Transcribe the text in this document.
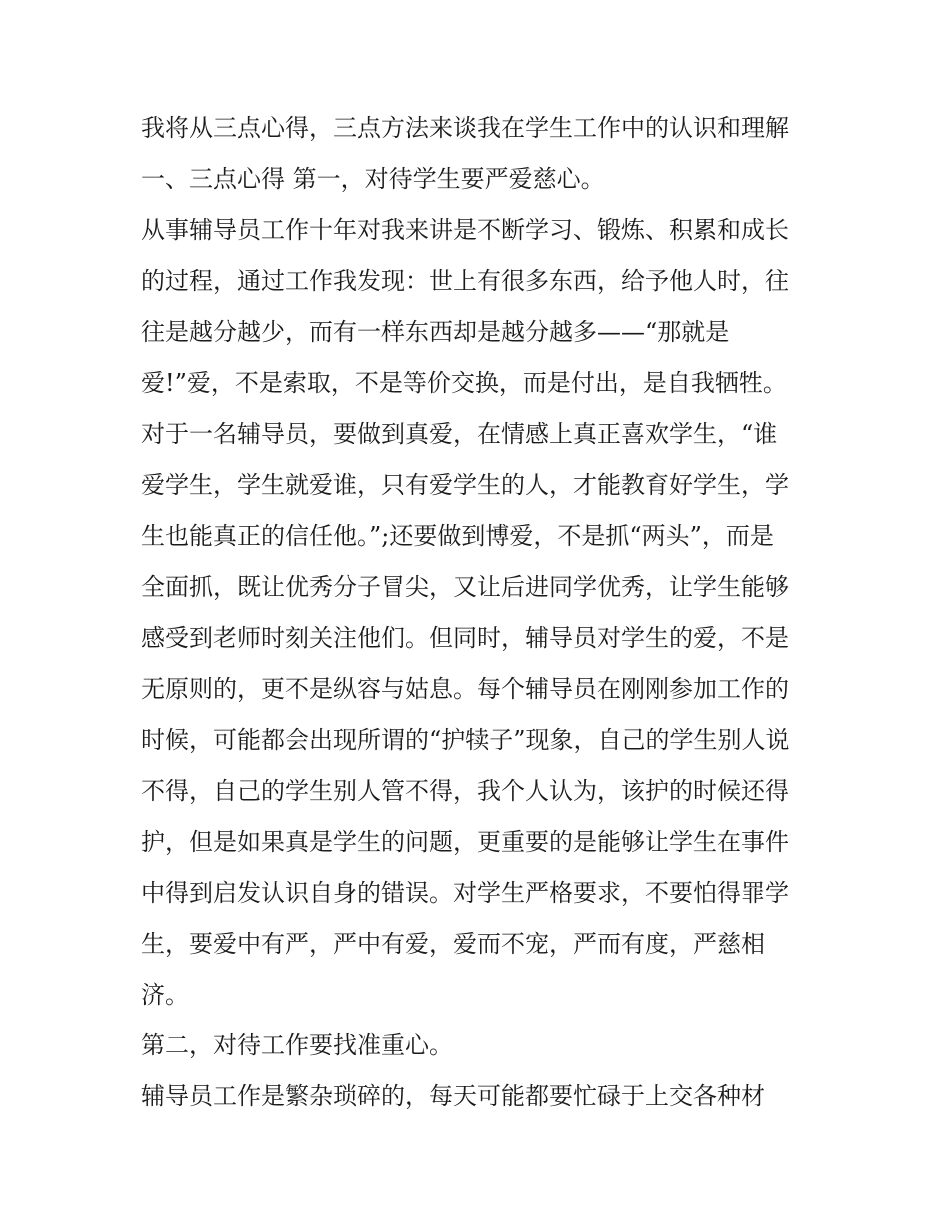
我将从三点心得，三点方法来谈我在学生工作中的认识和理解

一、三点心得 第一，对待学生要严爱慈心。

从事辅导员工作十年对我来讲是不断学习、锻炼、积累和成长

的过程，通过工作我发现：世上有很多东西，给予他人时，往

往是越分越少，而有一样东西却是越分越多——“那就是

爱!”爱，不是索取，不是等价交换，而是付出，是自我牺牲。

对于一名辅导员，要做到真爱，在情感上真正喜欢学生，“谁

爱学生，学生就爱谁，只有爱学生的人，才能教育好学生，学

生也能真正的信任他。”;还要做到博爱，不是抓“两头”，而是

全面抓，既让优秀分子冒尖，又让后进同学优秀，让学生能够

感受到老师时刻关注他们。但同时，辅导员对学生的爱，不是

无原则的，更不是纵容与姑息。每个辅导员在刚刚参加工作的

时候，可能都会出现所谓的“护犊子”现象，自己的学生别人说

不得，自己的学生别人管不得，我个人认为，该护的时候还得

护，但是如果真是学生的问题，更重要的是能够让学生在事件

中得到启发认识自身的错误。对学生严格要求，不要怕得罪学

生，要爱中有严，严中有爱，爱而不宠，严而有度，严慈相

济。

第二，对待工作要找准重心。

辅导员工作是繁杂琐碎的，每天可能都要忙碌于上交各种材
